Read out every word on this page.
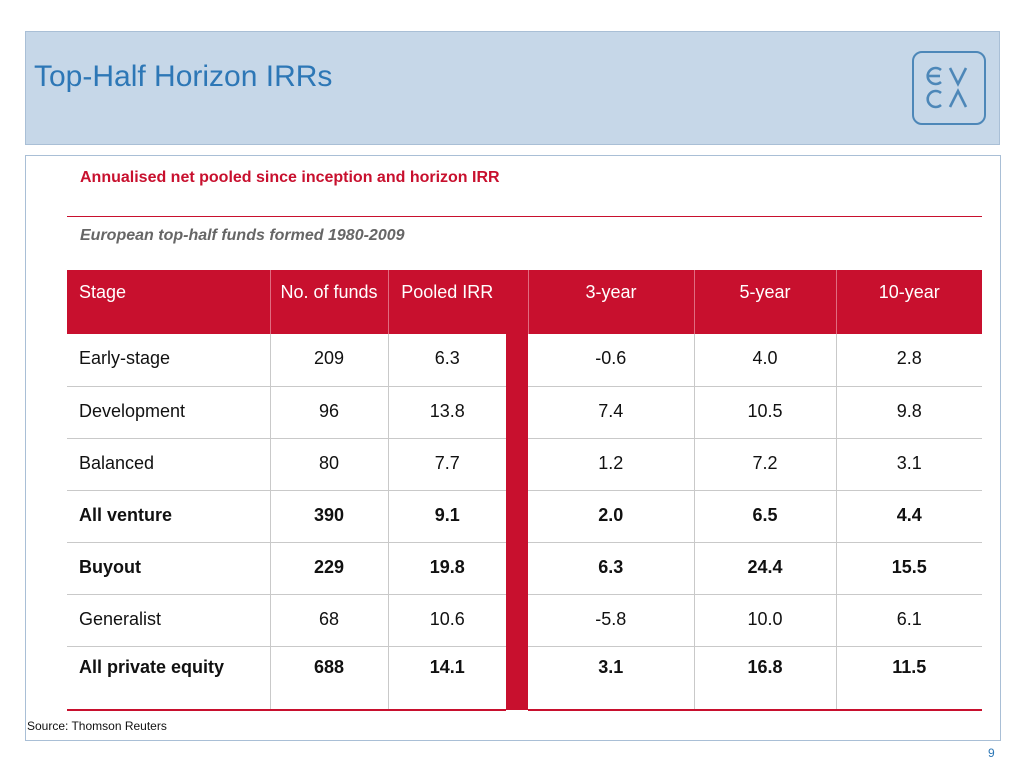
Top-Half Horizon IRRs
Annualised net pooled since inception and horizon IRR
European top-half funds formed 1980-2009
Stage	No. of funds	Pooled IRR		3-year	5-year	10-year
Early-stage	209	6.3		-0.6	4.0	2.8
Development	96	13.8		7.4	10.5	9.8
Balanced	80	7.7		1.2	7.2	3.1
All venture	390	9.1		2.0	6.5	4.4
Buyout	229	19.8		6.3	24.4	15.5
Generalist	68	10.6		-5.8	10.0	6.1
All private equity	688	14.1		3.1	16.8	11.5
Source: Thomson Reuters
9
